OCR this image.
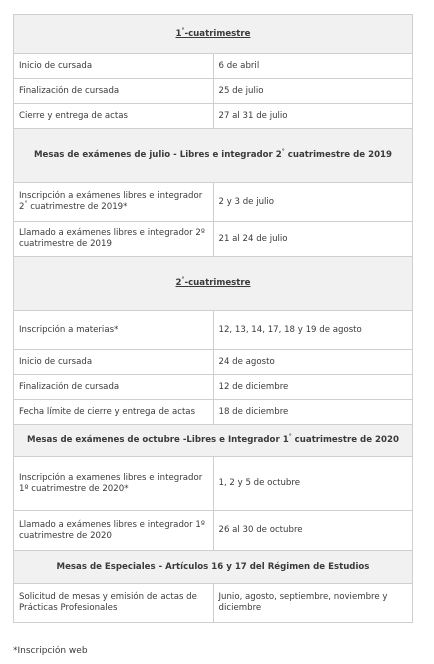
1°-cuatrimestre	
Inicio de cursada	6 de abril
Finalización de cursada	25 de julio
Cierre y entrega de actas	27 al 31 de julio
Mesas de exámenes de julio - Libres e integrador 2° cuatrimestre de 2019	
Inscripción a exámenes libres e integrador 2° cuatrimestre de 2019*	2 y 3 de julio
Llamado a exámenes libres e integrador 2º cuatrimestre de 2019	21 al 24 de julio
2°-cuatrimestre	
Inscripción a materias*	12, 13, 14, 17, 18 y 19 de agosto
Inicio de cursada	24 de agosto
Finalización de cursada	12 de diciembre
Fecha límite de cierre y entrega de actas	18 de diciembre
Mesas de exámenes de octubre -Libres e Integrador 1° cuatrimestre de 2020	
Inscripción a examenes libres e integrador 1º cuatrimestre de 2020*	1, 2 y 5 de octubre
Llamado a exámenes libres e integrador 1º cuatrimestre de 2020	26 al 30 de octubre
Mesas de Especiales - Artículos 16 y 17 del Régimen de Estudios	
Solicitud de mesas y emisión de actas de Prácticas Profesionales	Junio, agosto, septiembre, noviembre y diciembre
*Inscripción web
